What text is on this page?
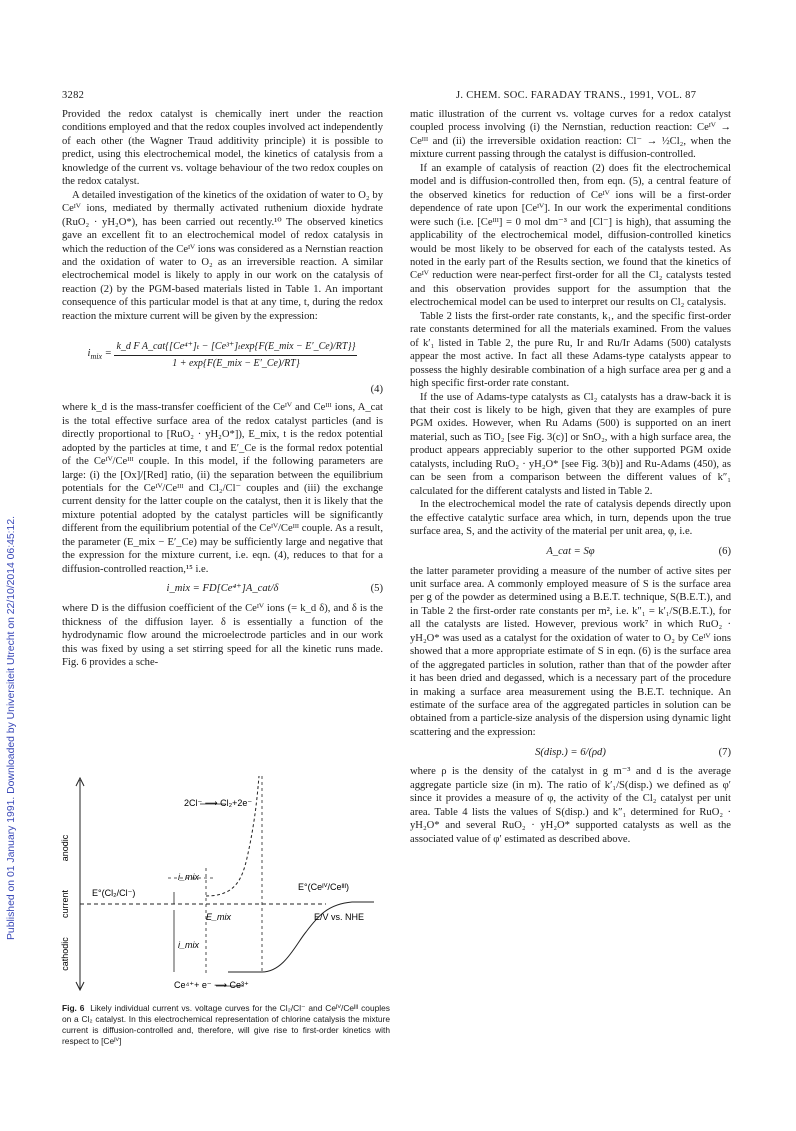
3282	J. CHEM. SOC. FARADAY TRANS., 1991, VOL. 87
Published on 01 January 1991. Downloaded by Universiteit Utrecht on 22/10/2014 06:45:12.

Provided the redox catalyst is chemically inert under the reaction conditions employed and that the redox couples involved act independently of each other (the Wagner Traud additivity principle) it is possible to predict, using this electrochemical model, the kinetics of catalysis from a knowledge of the current vs. voltage behaviour of the two redox couples on the redox catalyst.

A detailed investigation of the kinetics of the oxidation of water to O₂ by Ceᴵⱽ ions, mediated by thermally activated ruthenium dioxide hydrate (RuO₂ · yH₂O*), has been carried out recently.¹⁰ The observed kinetics gave an excellent fit to an electrochemical model of redox catalysis in which the reduction of the Ceᴵⱽ ions was considered as a Nernstian reaction and the oxidation of water to O₂ as an irreversible reaction. A similar electrochemical model is likely to apply in our work on the catalysis of reaction (2) by the PGM-based materials listed in Table 1. An important consequence of this particular model is that at any time, t, during the redox reaction the mixture current will be given by the expression:

$i_{mix} = \frac{\text{k\_d F A\_cat\{[Ce⁴⁺]ₜ − [Ce³⁺]ₜexp\{F(E\_mix − E′\_Ce)/RT\}\}}}{\text{1 + exp\{F(E\_mix − E′\_Ce)/RT\}}}$
(4)

where k_d is the mass-transfer coefficient of the Ceᴵⱽ and Ceᴵᴵᴵ ions, A_cat is the total effective surface area of the redox catalyst particles (and is directly proportional to [RuO₂ · yH₂O*]), E_mix, t is the redox potential adopted by the particles at time, t and E′_Ce is the formal redox potential of the Ceᴵⱽ/Ceᴵᴵᴵ couple. In this model, if the following parameters are large: (i) the [Ox]/[Red] ratio, (ii) the separation between the equilibrium potentials for the Ceᴵⱽ/Ceᴵᴵᴵ and Cl₂/Cl⁻ couples and (iii) the exchange current density for the latter couple on the catalyst, then it is likely that the mixture potential adopted by the catalyst particles will be significantly different from the equilibrium potential of the Ceᴵⱽ/Ceᴵᴵᴵ couple. As a result, the parameter (E_mix − E′_Ce) may be sufficiently large and negative that the expression for the mixture current, i.e. eqn. (4), reduces to that for a diffusion-controlled reaction,¹⁵ i.e.

i_mix = FD[Ce⁴⁺]A_cat/δ	(5)

where D is the diffusion coefficient of the Ceᴵⱽ ions (= k_d δ), and δ is the thickness of the diffusion layer. δ is essentially a function of the hydrodynamic flow around the microelectrode particles and in our work this was fixed by using a set stirring speed for all the kinetic runs made. Fig. 6 provides a sche-

anodic
current
cathodic
2Cl⁻ ⟶ Cl₂+2e⁻
Ce⁴⁺+ e⁻ ⟶ Ce³⁺
E°(Cl₂/Cl⁻)
E°(Ceᴵⱽ/Ceᴵᴵᴵ)
E_mix
i_mix
i_mix
E/V vs. NHE
Fig. 6 Likely individual current vs. voltage curves for the Cl₂/Cl⁻ and Ceᴵⱽ/Ceᴵᴵᴵ couples on a Cl₂ catalyst. In this electrochemical representation of chlorine catalysis the mixture current is diffusion-controlled and, therefore, will give rise to first-order kinetics with respect to [Ceᴵⱽ]

matic illustration of the current vs. voltage curves for a redox catalyst coupled process involving (i) the Nernstian, reduction reaction: Ceᴵⱽ → Ceᴵᴵᴵ and (ii) the irreversible oxidation reaction: Cl⁻ → ½Cl₂, when the mixture current passing through the catalyst is diffusion-controlled.

If an example of catalysis of reaction (2) does fit the electrochemical model and is diffusion-controlled then, from eqn. (5), a central feature of the observed kinetics for reduction of Ceᴵⱽ ions will be a first-order dependence of rate upon [Ceᴵⱽ]. In our work the experimental conditions were such (i.e. [Ceᴵᴵᴵ] = 0 mol dm⁻³ and [Cl⁻] is high), that assuming the applicability of the electrochemical model, diffusion-controlled kinetics would be most likely to be observed for each of the catalysts tested. As noted in the early part of the Results section, we found that the kinetics of Ceᴵⱽ reduction were near-perfect first-order for all the Cl₂ catalysts tested and this observation provides support for the assumption that the electrochemical model can be used to interpret our results on Cl₂ catalysis.

Table 2 lists the first-order rate constants, k₁, and the specific first-order rate constants determined for all the materials examined. From the values of k′₁ listed in Table 2, the pure Ru, Ir and Ru/Ir Adams (500) catalysts appear the most active. In fact all these Adams-type catalysts appear to possess the highly desirable combination of a high surface area per g and a high specific first-order rate constant.

If the use of Adams-type catalysts as Cl₂ catalysts has a draw-back it is that their cost is likely to be high, given that they are examples of pure PGM oxides. However, when Ru Adams (500) is supported on an inert material, such as TiO₂ [see Fig. 3(c)] or SnO₂, with a high surface area, the product appears appreciably superior to the other supported PGM oxide catalysts, including RuO₂ · yH₂O* [see Fig. 3(b)] and Ru-Adams (450), as can be seen from a comparison between the different values of k″₁ calculated for the different catalysts and listed in Table 2.

In the electrochemical model the rate of catalysis depends directly upon the effective catalytic surface area which, in turn, depends upon the true surface area, S, and the activity of the material per unit area, φ, i.e.

A_cat = Sφ	(6)

the latter parameter providing a measure of the number of active sites per unit surface area. A commonly employed measure of S is the surface area per g of the powder as determined using a B.E.T. technique, S(B.E.T.), and in Table 2 the first-order rate constants per m², i.e. k″₁ = k′₁/S(B.E.T.), for all the catalysts are listed. However, previous work⁷ in which RuO₂ · yH₂O* was used as a catalyst for the oxidation of water to O₂ by Ceᴵⱽ ions showed that a more appropriate estimate of S in eqn. (6) is the surface area of the aggregated particles in solution, rather than that of the powder after it has been dried and degassed, which is a necessary part of the procedure in making a surface area measurement using the B.E.T. technique. An estimate of the surface area of the aggregated particles in solution can be obtained from a particle-size analysis of the dispersion using dynamic light scattering and the expression:

S(disp.) = 6/(ρd)	(7)

where ρ is the density of the catalyst in g m⁻³ and d is the average aggregate particle size (in m). The ratio of k′₁/S(disp.) we defined as φ′ since it provides a measure of φ, the activity of the Cl₂ catalyst per unit area. Table 4 lists the values of S(disp.) and k″₁ determined for RuO₂ · yH₂O* and several RuO₂ · yH₂O* supported catalysts as well as the associated value of φ′ estimated as described above.
